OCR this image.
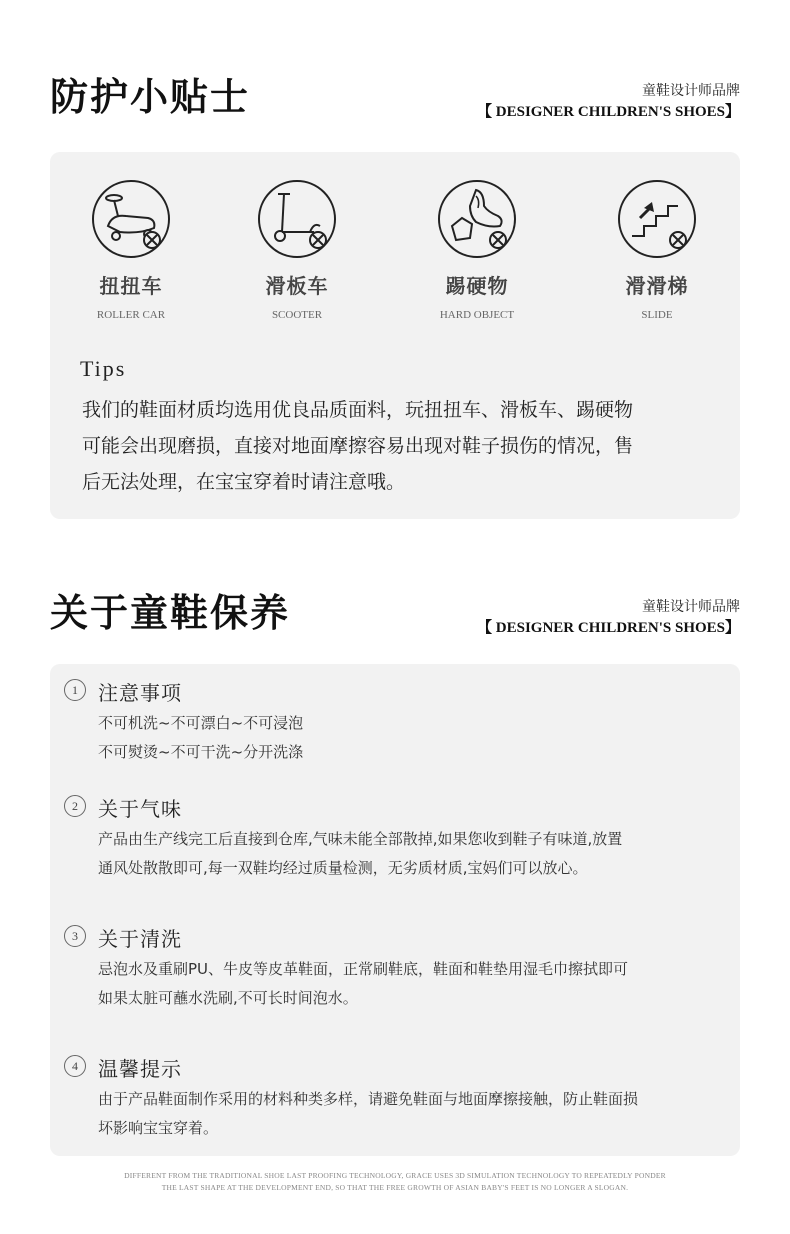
防护小贴士	童鞋设计师品牌
【 DESIGNER CHILDREN'S SHOES】
扭扭车
ROLLER CAR
滑板车
SCOOTER
踢硬物
HARD OBJECT
滑滑梯
SLIDE
Tips
我们的鞋面材质均选用优良品质面料，玩扭扭车、滑板车、踢硬物
可能会出现磨损，直接对地面摩擦容易出现对鞋子损伤的情况，售
后无法处理，在宝宝穿着时请注意哦。
关于童鞋保养	童鞋设计师品牌
【 DESIGNER CHILDREN'S SHOES】
1	注意事项
不可机洗~不可漂白~不可浸泡
不可熨烫~不可干洗~分开洗涤
2	关于气味
产品由生产线完工后直接到仓库,气味未能全部散掉,如果您收到鞋子有味道,放置
通风处散散即可,每一双鞋均经过质量检测，无劣质材质,宝妈们可以放心。
3	关于清洗
忌泡水及重刷PU、牛皮等皮革鞋面，正常刷鞋底，鞋面和鞋垫用湿毛巾擦拭即可
如果太脏可蘸水洗刷,不可长时间泡水。
4	温馨提示
由于产品鞋面制作采用的材料种类多样，请避免鞋面与地面摩擦接触，防止鞋面损
坏影响宝宝穿着。
DIFFERENT FROM THE TRADITIONAL SHOE LAST PROOFING TECHNOLOGY, GRACE USES 3D SIMULATION TECHNOLOGY TO REPEATEDLY PONDER
THE LAST SHAPE AT THE DEVELOPMENT END, SO THAT THE FREE GROWTH OF ASIAN BABY'S FEET IS NO LONGER A SLOGAN.
